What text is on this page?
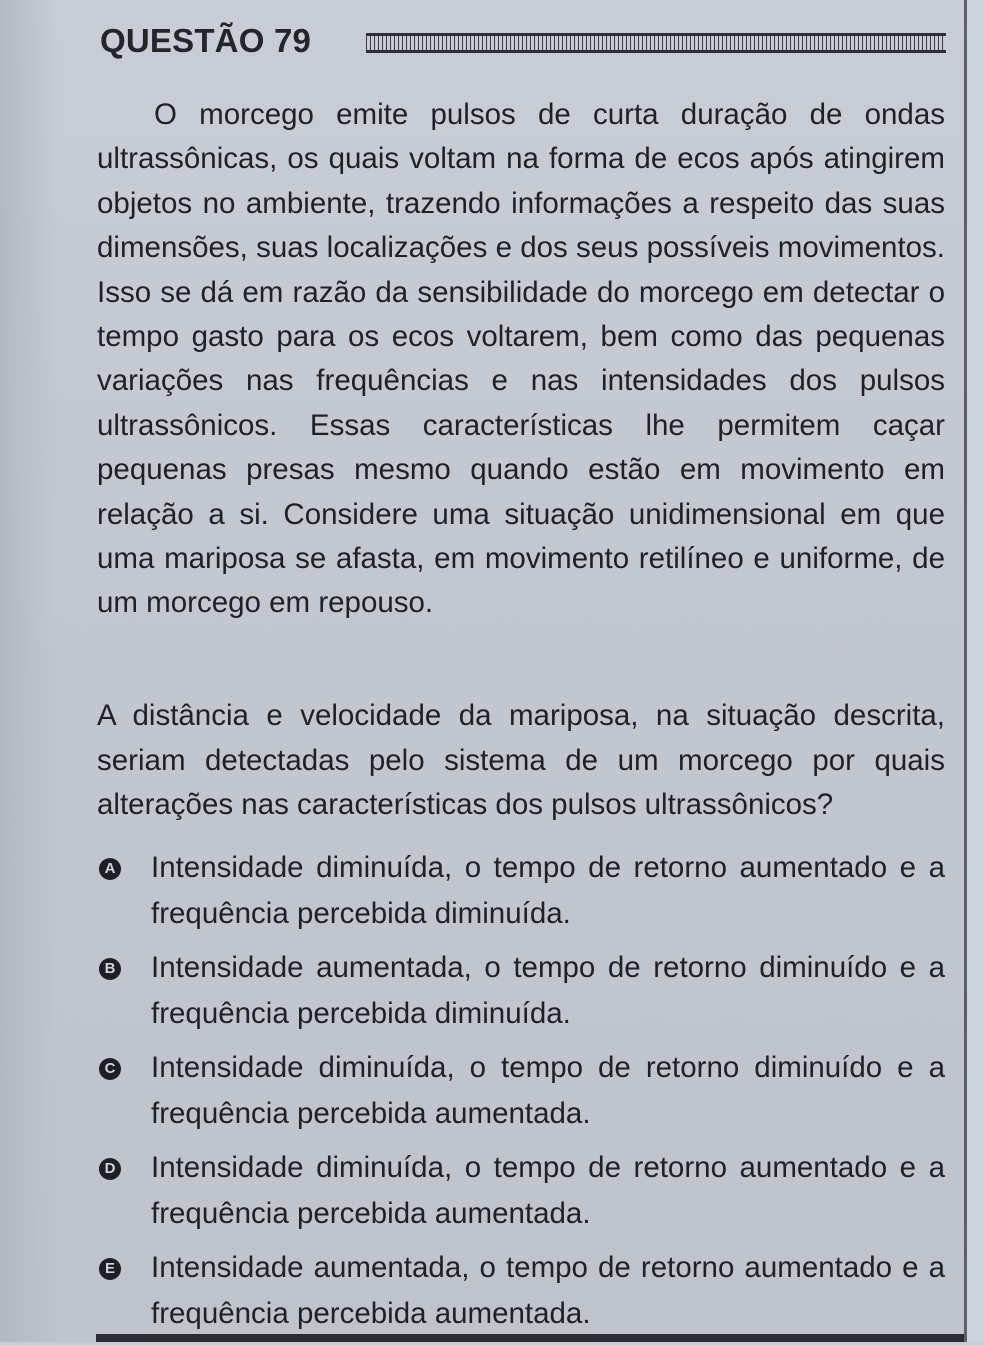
QUESTÃO 79

O morcego emite pulsos de curta duração de ondas ultrassônicas, os quais voltam na forma de ecos após atingirem objetos no ambiente, trazendo informações a respeito das suas dimensões, suas localizações e dos seus possíveis movimentos. Isso se dá em razão da sensibilidade do morcego em detectar o tempo gasto para os ecos voltarem, bem como das pequenas variações nas frequências e nas intensidades dos pulsos ultrassônicos. Essas características lhe permitem caçar pequenas presas mesmo quando estão em movimento em relação a si. Considere uma situação unidimensional em que uma mariposa se afasta, em movimento retilíneo e uniforme, de um morcego em repouso.

A distância e velocidade da mariposa, na situação descrita, seriam detectadas pelo sistema de um morcego por quais alterações nas características dos pulsos ultrassônicos?

A Intensidade diminuída, o tempo de retorno aumentado e a frequência percebida diminuída.
B Intensidade aumentada, o tempo de retorno diminuído e a frequência percebida diminuída.
C Intensidade diminuída, o tempo de retorno diminuído e a frequência percebida aumentada.
D Intensidade diminuída, o tempo de retorno aumentado e a frequência percebida aumentada.
E Intensidade aumentada, o tempo de retorno aumentado e a frequência percebida aumentada.
